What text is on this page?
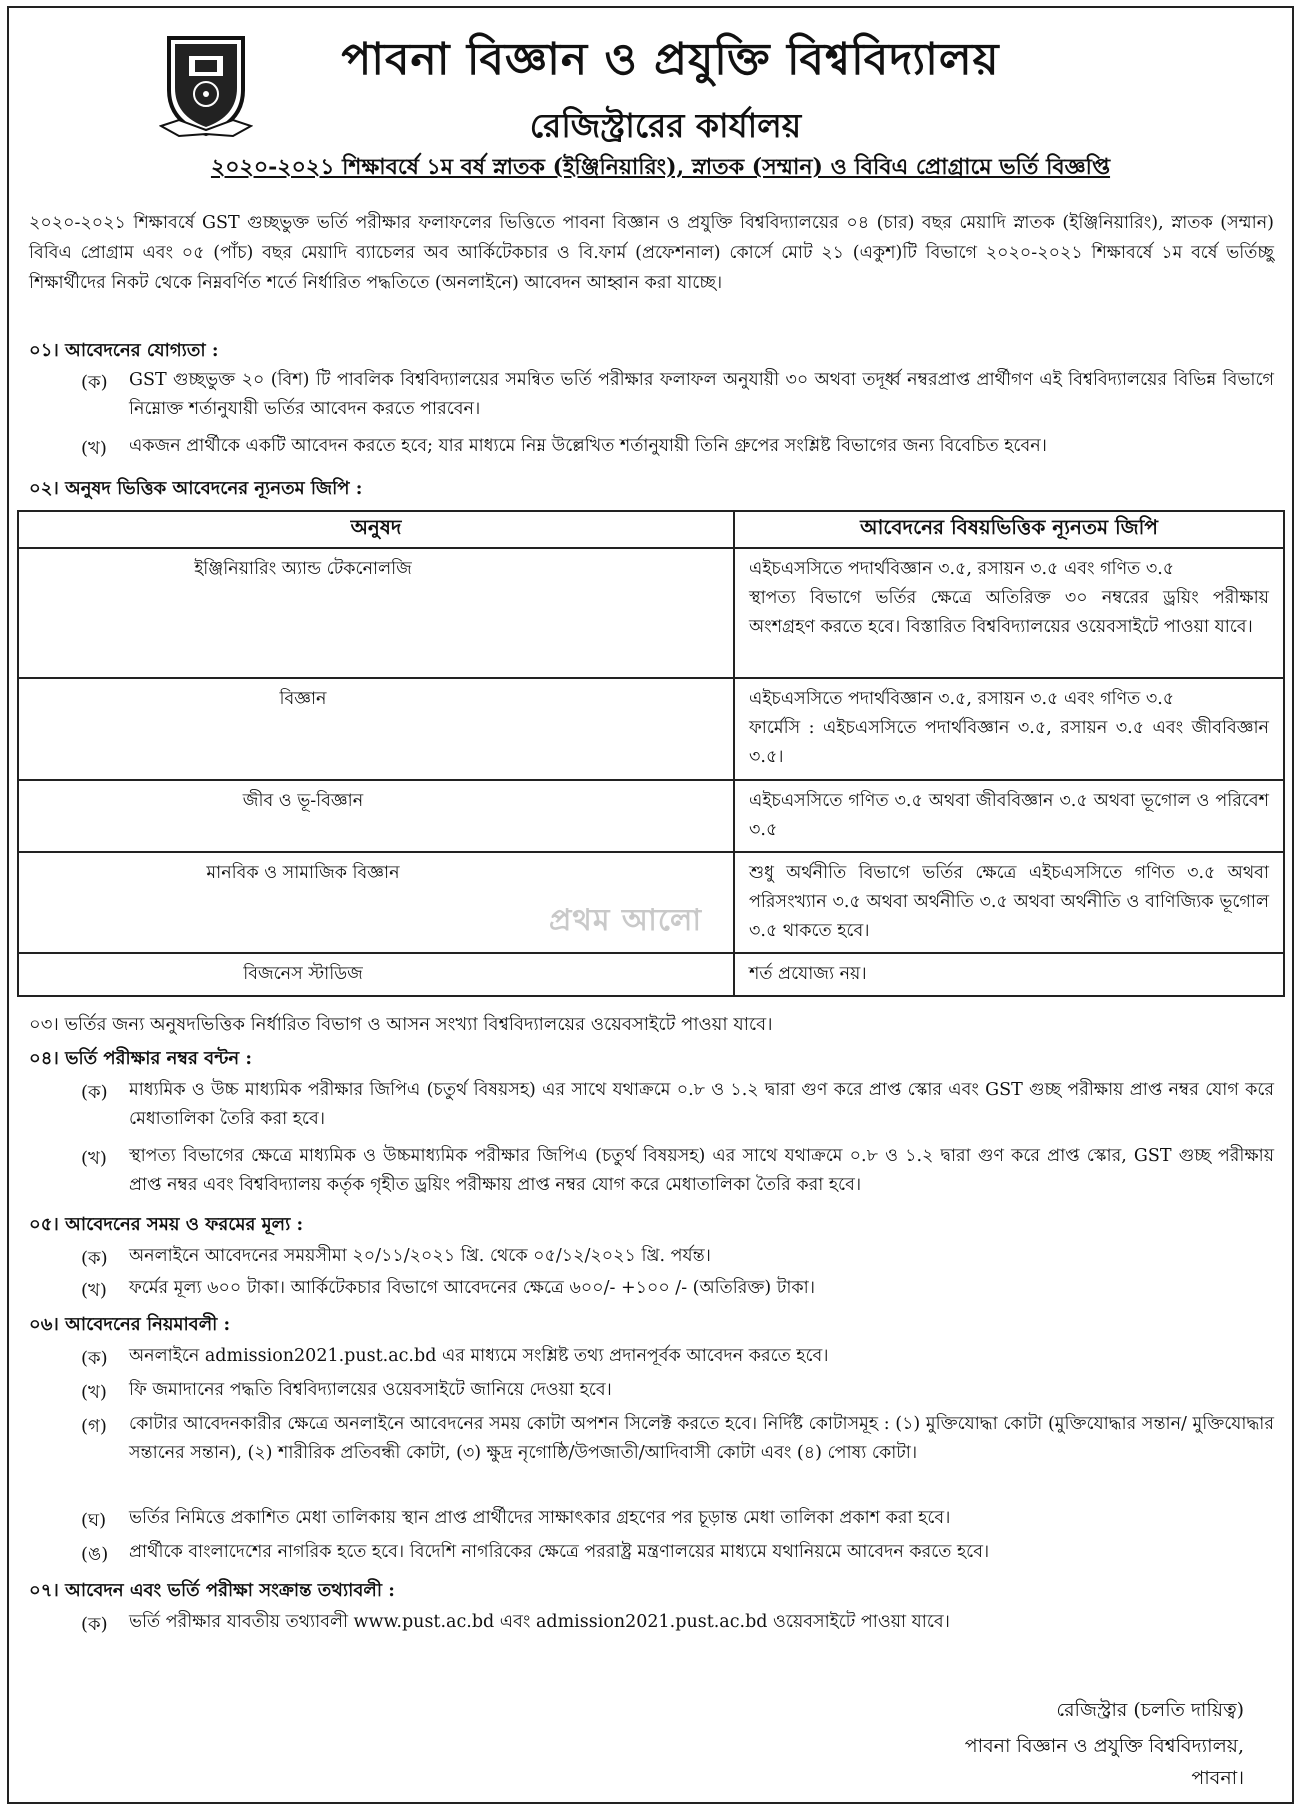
পাবনা বিজ্ঞান ও প্রযুক্তি বিশ্ববিদ্যালয়
রেজিস্ট্রারের কার্যালয়
২০২০-২০২১ শিক্ষাবর্ষে ১ম বর্ষ স্নাতক (ইঞ্জিনিয়ারিং), স্নাতক (সম্মান) ও বিবিএ প্রোগ্রামে ভর্তি বিজ্ঞপ্তি
২০২০-২০২১ শিক্ষাবর্ষে GST গুচ্ছভুক্ত ভর্তি পরীক্ষার ফলাফলের ভিত্তিতে পাবনা বিজ্ঞান ও প্রযুক্তি বিশ্ববিদ্যালয়ের ০৪ (চার) বছর মেয়াদি স্নাতক (ইঞ্জিনিয়ারিং), স্নাতক (সম্মান) বিবিএ প্রোগ্রাম এবং ০৫ (পাঁচ) বছর মেয়াদি ব্যাচেলর অব আর্কিটেকচার ও বি.ফার্ম (প্রফেশনাল) কোর্সে মোট ২১ (একুশ)টি বিভাগে ২০২০-২০২১ শিক্ষাবর্ষে ১ম বর্ষে ভর্তিচ্ছু শিক্ষার্থীদের নিকট থেকে নিম্নবর্ণিত শর্তে নির্ধারিত পদ্ধতিতে (অনলাইনে) আবেদন আহ্বান করা যাচ্ছে।
০১। আবেদনের যোগ্যতা :
(ক) GST গুচ্ছভুক্ত ২০ (বিশ) টি পাবলিক বিশ্ববিদ্যালয়ের সমন্বিত ভর্তি পরীক্ষার ফলাফল অনুযায়ী ৩০ অথবা তদূর্ধ্ব নম্বরপ্রাপ্ত প্রার্থীগণ এই বিশ্ববিদ্যালয়ের বিভিন্ন বিভাগে নিম্নোক্ত শর্তানুযায়ী ভর্তির আবেদন করতে পারবেন।
(খ) একজন প্রার্থীকে একটি আবেদন করতে হবে; যার মাধ্যমে নিম্ন উল্লেখিত শর্তানুযায়ী তিনি গ্রুপের সংশ্লিষ্ট বিভাগের জন্য বিবেচিত হবেন।
০২। অনুষদ ভিত্তিক আবেদনের ন্যূনতম জিপি :
অনুষদ	আবেদনের বিষয়ভিত্তিক ন্যূনতম জিপি
ইঞ্জিনিয়ারিং অ্যান্ড টেকনোলজি	এইচএসসিতে পদার্থবিজ্ঞান ৩.৫, রসায়ন ৩.৫ এবং গণিত ৩.৫
স্থাপত্য বিভাগে ভর্তির ক্ষেত্রে অতিরিক্ত ৩০ নম্বরের ড্রয়িং পরীক্ষায় অংশগ্রহণ করতে হবে। বিস্তারিত বিশ্ববিদ্যালয়ের ওয়েবসাইটে পাওয়া যাবে।

বিজ্ঞান	এইচএসসিতে পদার্থবিজ্ঞান ৩.৫, রসায়ন ৩.৫ এবং গণিত ৩.৫
ফার্মেসি : এইচএসসিতে পদার্থবিজ্ঞান ৩.৫, রসায়ন ৩.৫ এবং জীববিজ্ঞান ৩.৫।

জীব ও ভূ-বিজ্ঞান	এইচএসসিতে গণিত ৩.৫ অথবা জীববিজ্ঞান ৩.৫ অথবা ভূগোল ও পরিবেশ ৩.৫
মানবিক ও সামাজিক বিজ্ঞান	শুধু অর্থনীতি বিভাগে ভর্তির ক্ষেত্রে এইচএসসিতে গণিত ৩.৫ অথবা পরিসংখ্যান ৩.৫ অথবা অর্থনীতি ৩.৫ অথবা অর্থনীতি ও বাণিজ্যিক ভূগোল ৩.৫ থাকতে হবে।
বিজনেস স্টাডিজ	শর্ত প্রযোজ্য নয়।
প্রথম আলো
০৩। ভর্তির জন্য অনুষদভিত্তিক নির্ধারিত বিভাগ ও আসন সংখ্যা বিশ্ববিদ্যালয়ের ওয়েবসাইটে পাওয়া যাবে।
০৪। ভর্তি পরীক্ষার নম্বর বন্টন :
(ক) মাধ্যমিক ও উচ্চ মাধ্যমিক পরীক্ষার জিপিএ (চতুর্থ বিষয়সহ) এর সাথে যথাক্রমে ০.৮ ও ১.২ দ্বারা গুণ করে প্রাপ্ত স্কোর এবং GST গুচ্ছ পরীক্ষায় প্রাপ্ত নম্বর যোগ করে মেধাতালিকা তৈরি করা হবে।
(খ) স্থাপত্য বিভাগের ক্ষেত্রে মাধ্যমিক ও উচ্চমাধ্যমিক পরীক্ষার জিপিএ (চতুর্থ বিষয়সহ) এর সাথে যথাক্রমে ০.৮ ও ১.২ দ্বারা গুণ করে প্রাপ্ত স্কোর, GST গুচ্ছ পরীক্ষায় প্রাপ্ত নম্বর এবং বিশ্ববিদ্যালয় কর্তৃক গৃহীত ড্রয়িং পরীক্ষায় প্রাপ্ত নম্বর যোগ করে মেধাতালিকা তৈরি করা হবে।
০৫। আবেদনের সময় ও ফরমের মূল্য :
(ক) অনলাইনে আবেদনের সময়সীমা ২০/১১/২০২১ খ্রি. থেকে ০৫/১২/২০২১ খ্রি. পর্যন্ত।
(খ) ফর্মের মূল্য ৬০০ টাকা। আর্কিটেকচার বিভাগে আবেদনের ক্ষেত্রে ৬০০/- +১০০ /- (অতিরিক্ত) টাকা।
০৬। আবেদনের নিয়মাবলী :
(ক) অনলাইনে admission2021.pust.ac.bd এর মাধ্যমে সংশ্লিষ্ট তথ্য প্রদানপূর্বক আবেদন করতে হবে।
(খ) ফি জমাদানের পদ্ধতি বিশ্ববিদ্যালয়ের ওয়েবসাইটে জানিয়ে দেওয়া হবে।
(গ) কোটার আবেদনকারীর ক্ষেত্রে অনলাইনে আবেদনের সময় কোটা অপশন সিলেক্ট করতে হবে। নির্দিষ্ট কোটাসমূহ : (১) মুক্তিযোদ্ধা কোটা (মুক্তিযোদ্ধার সন্তান/ মুক্তিযোদ্ধার সন্তানের সন্তান), (২) শারীরিক প্রতিবন্ধী কোটা, (৩) ক্ষুদ্র নৃগোষ্ঠি/উপজাতী/আদিবাসী কোটা এবং (৪) পোষ্য কোটা।
(ঘ) ভর্তির নিমিত্তে প্রকাশিত মেধা তালিকায় স্থান প্রাপ্ত প্রার্থীদের সাক্ষাৎকার গ্রহণের পর চূড়ান্ত মেধা তালিকা প্রকাশ করা হবে।
(ঙ) প্রার্থীকে বাংলাদেশের নাগরিক হতে হবে। বিদেশি নাগরিকের ক্ষেত্রে পররাষ্ট্র মন্ত্রণালয়ের মাধ্যমে যথানিয়মে আবেদন করতে হবে।
০৭। আবেদন এবং ভর্তি পরীক্ষা সংক্রান্ত তথ্যাবলী :
(ক) ভর্তি পরীক্ষার যাবতীয় তথ্যাবলী www.pust.ac.bd এবং admission2021.pust.ac.bd ওয়েবসাইটে পাওয়া যাবে।
রেজিস্ট্রার (চলতি দায়িত্ব)
পাবনা বিজ্ঞান ও প্রযুক্তি বিশ্ববিদ্যালয়,
পাবনা।
